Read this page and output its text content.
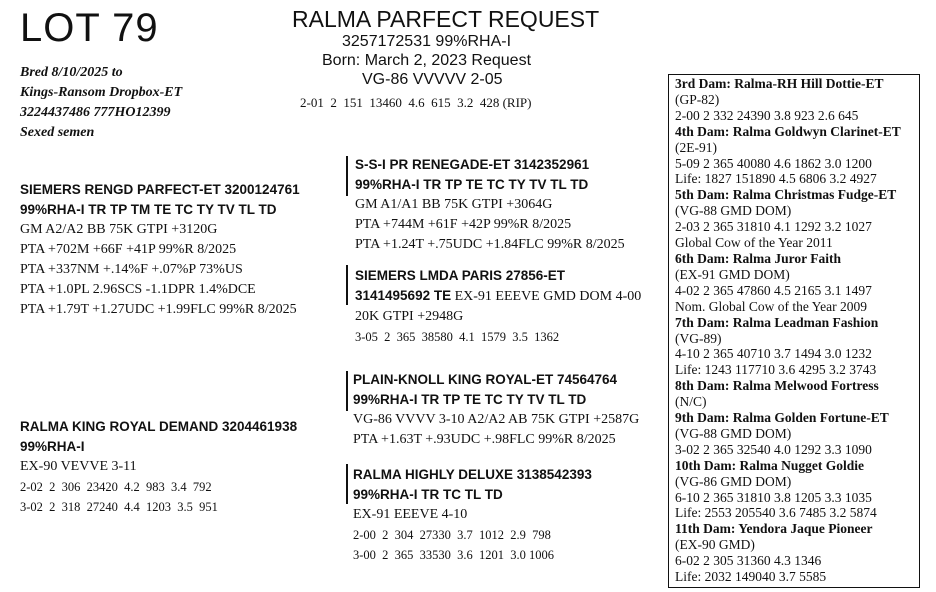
LOT 79	RALMA PARFECT REQUEST
3257172531 99%RHA-I
Born: March 2, 2023 Request
VG-86 VVVVV 2-05
2-01  2  151  13460  4.6  615  3.2  428 (RIP)
Bred 8/10/2025 to
Kings-Ransom Dropbox-ET
3224437486 777HO12399
Sexed semen
SIEMERS RENGD PARFECT-ET 3200124761
99%RHA-I TR TP TM TE TC TY TV TL TD
GM A2/A2 BB 75K GTPI +3120G
PTA +702M +66F +41P 99%R 8/2025
PTA +337NM +.14%F +.07%P 73%US
PTA +1.0PL 2.96SCS -1.1DPR 1.4%DCE
PTA +1.79T +1.27UDC +1.99FLC 99%R 8/2025
S-S-I PR RENEGADE-ET 3142352961
99%RHA-I TR TP TE TC TY TV TL TD
GM A1/A1 BB 75K GTPI +3064G
PTA +744M +61F +42P 99%R 8/2025
PTA +1.24T +.75UDC +1.84FLC 99%R 8/2025
SIEMERS LMDA PARIS 27856-ET
3141495692 TE EX-91 EEEVE GMD DOM 4-00
20K GTPI +2948G
3-05  2  365  38580  4.1  1579  3.5  1362
RALMA KING ROYAL DEMAND 3204461938
99%RHA-I
EX-90 VEVVE 3-11
2-02  2  306  23420  4.2  983  3.4  792
3-02  2  318  27240  4.4  1203  3.5  951
PLAIN-KNOLL KING ROYAL-ET 74564764
99%RHA-I TR TP TE TC TY TV TL TD
VG-86 VVVV 3-10 A2/A2 AB 75K GTPI +2587G
PTA +1.63T +.93UDC +.98FLC 99%R 8/2025
RALMA HIGHLY DELUXE 3138542393
99%RHA-I TR TC TL TD
EX-91 EEEVE 4-10
2-00  2  304  27330  3.7  1012  2.9  798
3-00  2  365  33530  3.6  1201  3.0 1006
3rd Dam: Ralma-RH Hill Dottie-ET
(GP-82)
2-00 2 332 24390 3.8 923 2.6 645
4th Dam: Ralma Goldwyn Clarinet-ET
(2E-91)
5-09 2 365 40080 4.6 1862 3.0 1200
Life: 1827 151890 4.5 6806 3.2 4927
5th Dam: Ralma Christmas Fudge-ET
(VG-88 GMD DOM)
2-03 2 365 31810 4.1 1292 3.2 1027
Global Cow of the Year 2011
6th Dam: Ralma Juror Faith
(EX-91 GMD DOM)
4-02 2 365 47860 4.5 2165 3.1 1497
Nom. Global Cow of the Year 2009
7th Dam: Ralma Leadman Fashion
(VG-89)
4-10 2 365 40710 3.7 1494 3.0 1232
Life: 1243 117710 3.6 4295 3.2 3743
8th Dam: Ralma Melwood Fortress
(N/C)
9th Dam: Ralma Golden Fortune-ET
(VG-88 GMD DOM)
3-02 2 365 32540 4.0 1292 3.3 1090
10th Dam: Ralma Nugget Goldie
(VG-86 GMD DOM)
6-10 2 365 31810 3.8 1205 3.3 1035
Life: 2553 205540 3.6 7485 3.2 5874
11th Dam: Yendora Jaque Pioneer
(EX-90 GMD)
6-02 2 305 31360 4.3 1346
Life: 2032 149040 3.7 5585
